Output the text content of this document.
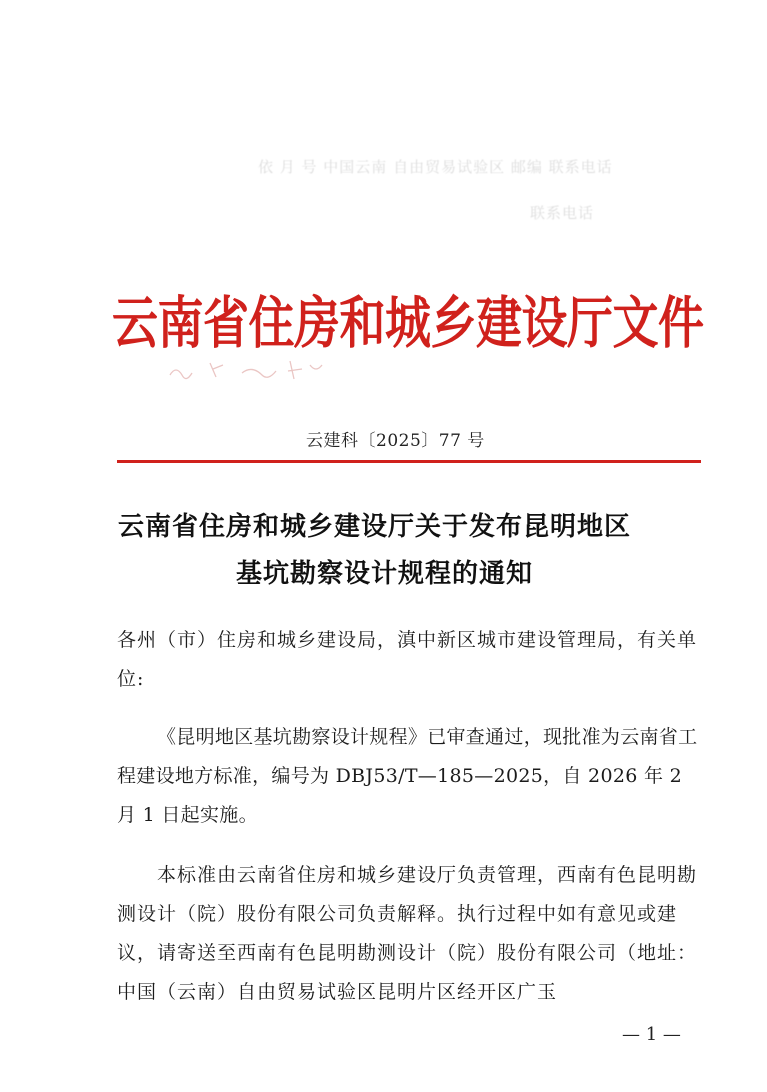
依 月 号 中国云南 自由贸易试验区 邮编 联系电话
联系电话
云南省住房和城乡建设厅文件
云建科〔2025〕77 号
云南省住房和城乡建设厅关于发布昆明地区
基坑勘察设计规程的通知
各州（市）住房和城乡建设局，滇中新区城市建设管理局，有关单位:
《昆明地区基坑勘察设计规程》已审查通过，现批准为云南省工程建设地方标准，编号为 DBJ53/T—185—2025，自 2026 年 2 月 1 日起实施。
本标准由云南省住房和城乡建设厅负责管理，西南有色昆明勘测设计（院）股份有限公司负责解释。执行过程中如有意见或建议，请寄送至西南有色昆明勘测设计（院）股份有限公司（地址：中国（云南）自由贸易试验区昆明片区经开区广玉
— 1 —
